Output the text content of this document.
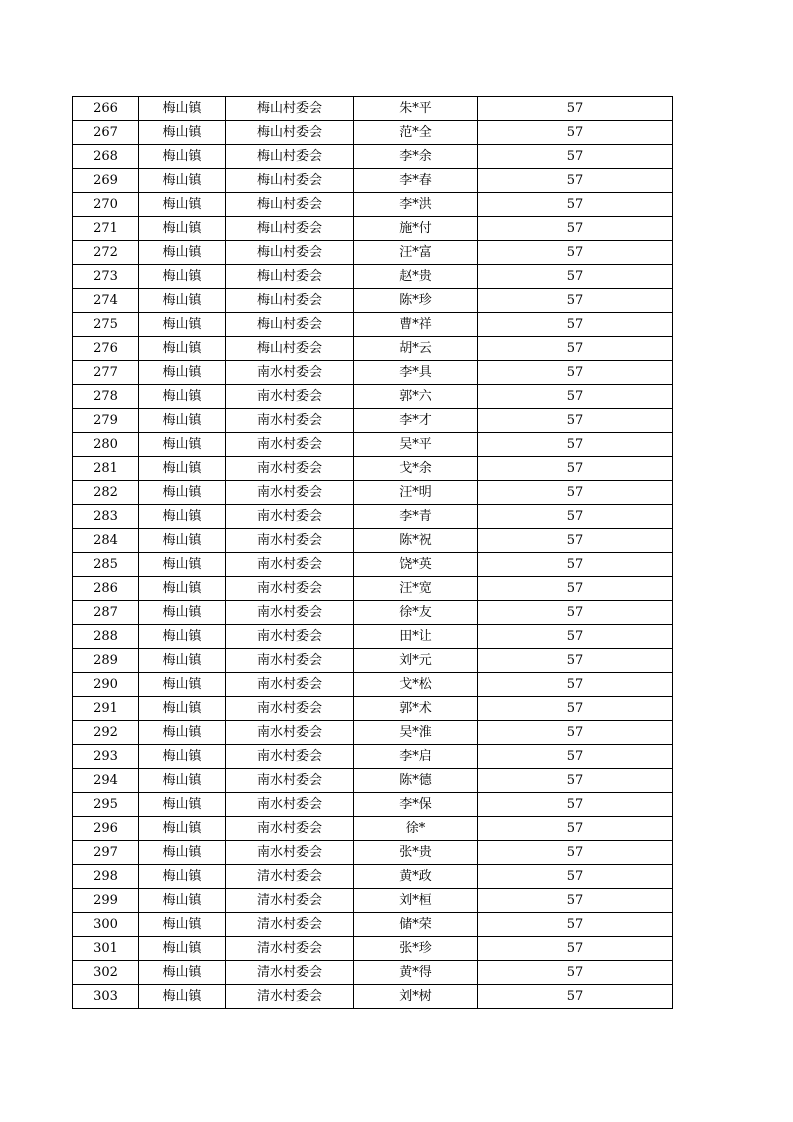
266	梅山镇	梅山村委会	朱*平	57
267	梅山镇	梅山村委会	范*全	57
268	梅山镇	梅山村委会	李*余	57
269	梅山镇	梅山村委会	李*春	57
270	梅山镇	梅山村委会	李*洪	57
271	梅山镇	梅山村委会	施*付	57
272	梅山镇	梅山村委会	汪*富	57
273	梅山镇	梅山村委会	赵*贵	57
274	梅山镇	梅山村委会	陈*珍	57
275	梅山镇	梅山村委会	曹*祥	57
276	梅山镇	梅山村委会	胡*云	57
277	梅山镇	南水村委会	李*具	57
278	梅山镇	南水村委会	郭*六	57
279	梅山镇	南水村委会	李*才	57
280	梅山镇	南水村委会	吴*平	57
281	梅山镇	南水村委会	戈*余	57
282	梅山镇	南水村委会	汪*明	57
283	梅山镇	南水村委会	李*青	57
284	梅山镇	南水村委会	陈*祝	57
285	梅山镇	南水村委会	饶*英	57
286	梅山镇	南水村委会	汪*宽	57
287	梅山镇	南水村委会	徐*友	57
288	梅山镇	南水村委会	田*让	57
289	梅山镇	南水村委会	刘*元	57
290	梅山镇	南水村委会	戈*松	57
291	梅山镇	南水村委会	郭*术	57
292	梅山镇	南水村委会	吴*淮	57
293	梅山镇	南水村委会	李*启	57
294	梅山镇	南水村委会	陈*德	57
295	梅山镇	南水村委会	李*保	57
296	梅山镇	南水村委会	徐*	57
297	梅山镇	南水村委会	张*贵	57
298	梅山镇	清水村委会	黄*政	57
299	梅山镇	清水村委会	刘*桓	57
300	梅山镇	清水村委会	储*荣	57
301	梅山镇	清水村委会	张*珍	57
302	梅山镇	清水村委会	黄*得	57
303	梅山镇	清水村委会	刘*树	57
